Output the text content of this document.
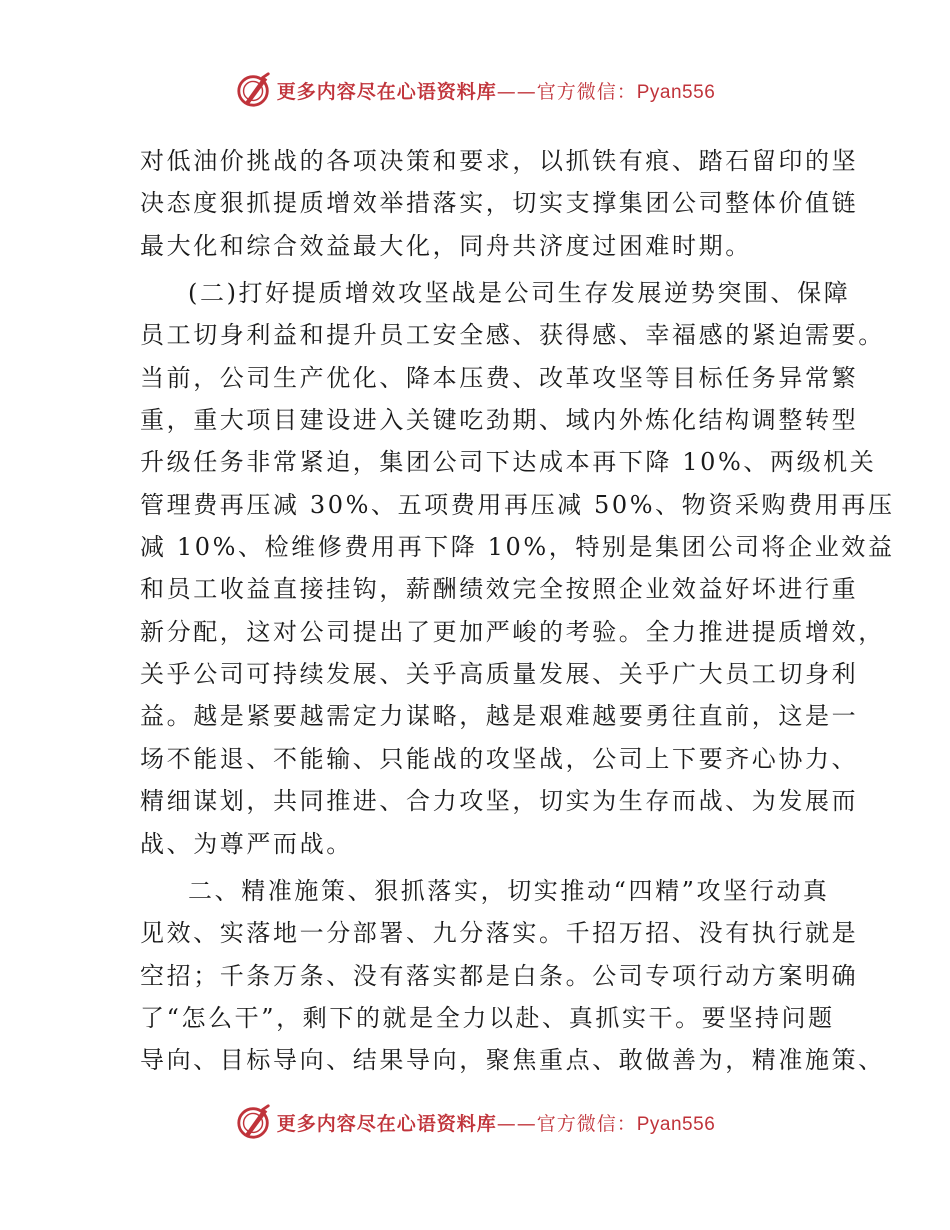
更多内容尽在心语资料库——官方微信：Pyan556
对低油价挑战的各项决策和要求，以抓铁有痕、踏石留印的坚
决态度狠抓提质增效举措落实，切实支撑集团公司整体价值链
最大化和综合效益最大化，同舟共济度过困难时期。
(二)打好提质增效攻坚战是公司生存发展逆势突围、保障
员工切身利益和提升员工安全感、获得感、幸福感的紧迫需要。
当前，公司生产优化、降本压费、改革攻坚等目标任务异常繁
重，重大项目建设进入关键吃劲期、域内外炼化结构调整转型
升级任务非常紧迫，集团公司下达成本再下降 10%、两级机关
管理费再压减 30%、五项费用再压减 50%、物资采购费用再压
减 10%、检维修费用再下降 10%，特别是集团公司将企业效益
和员工收益直接挂钩，薪酬绩效完全按照企业效益好坏进行重
新分配，这对公司提出了更加严峻的考验。全力推进提质增效，
关乎公司可持续发展、关乎高质量发展、关乎广大员工切身利
益。越是紧要越需定力谋略，越是艰难越要勇往直前，这是一
场不能退、不能输、只能战的攻坚战，公司上下要齐心协力、
精细谋划，共同推进、合力攻坚，切实为生存而战、为发展而
战、为尊严而战。
二、精准施策、狠抓落实，切实推动“四精”攻坚行动真
见效、实落地一分部署、九分落实。千招万招、没有执行就是
空招；千条万条、没有落实都是白条。公司专项行动方案明确
了“怎么干”，剩下的就是全力以赴、真抓实干。要坚持问题
导向、目标导向、结果导向，聚焦重点、敢做善为，精准施策、
更多内容尽在心语资料库——官方微信：Pyan556
